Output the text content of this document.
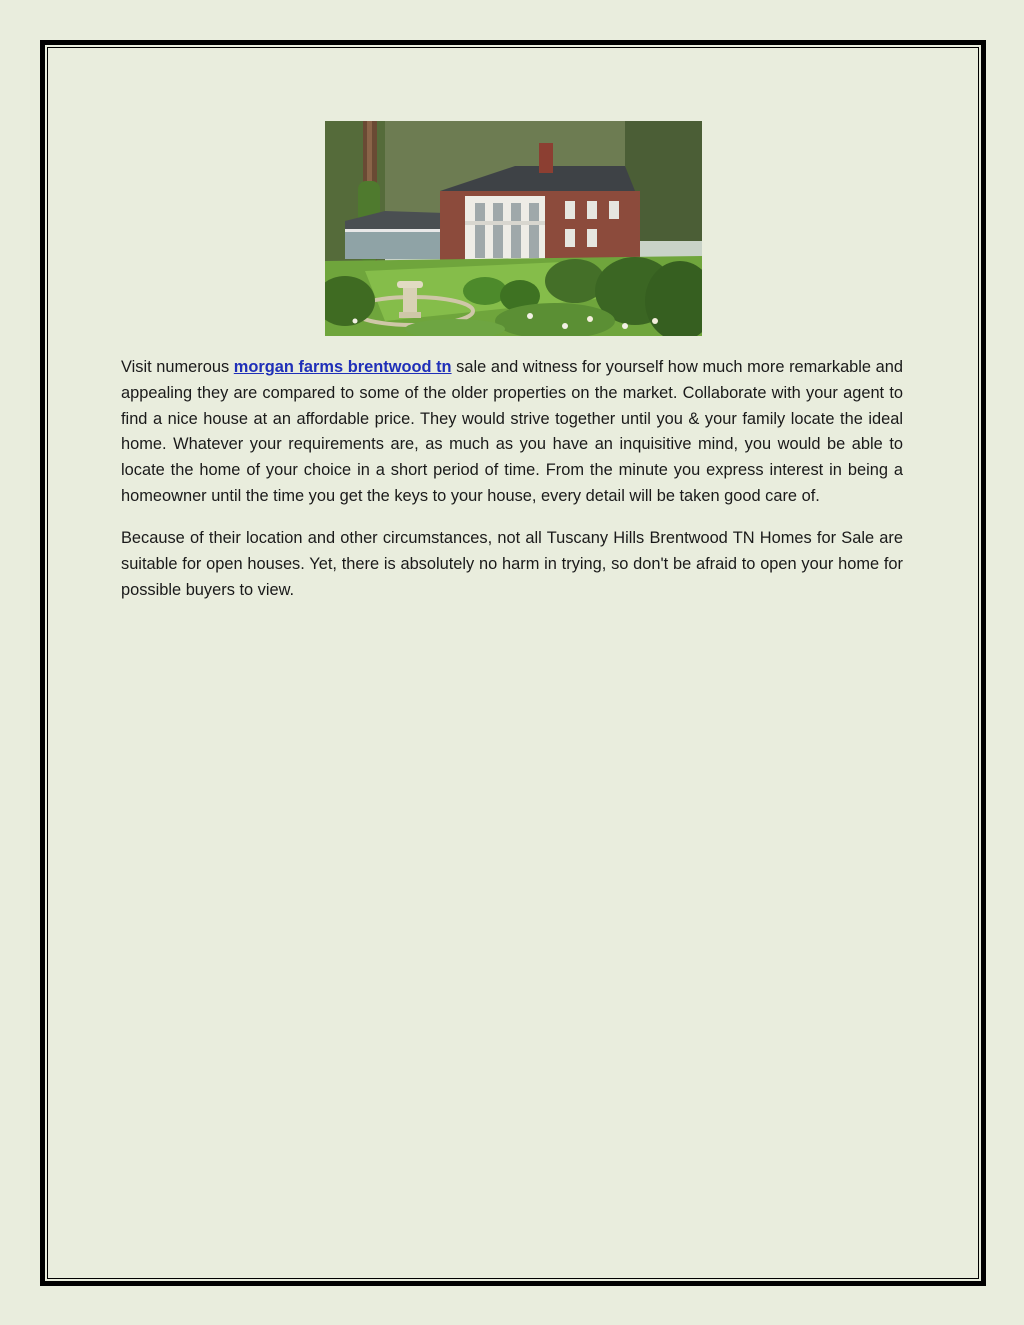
Visit numerous morgan farms brentwood tn sale and witness for yourself how much more remarkable and appealing they are compared to some of the older properties on the market. Collaborate with your agent to find a nice house at an affordable price. They would strive together until you & your family locate the ideal home. Whatever your requirements are, as much as you have an inquisitive mind, you would be able to locate the home of your choice in a short period of time. From the minute you express interest in being a homeowner until the time you get the keys to your house, every detail will be taken good care of.

Because of their location and other circumstances, not all Tuscany Hills Brentwood TN Homes for Sale are suitable for open houses. Yet, there is absolutely no harm in trying, so don't be afraid to open your home for possible buyers to view.
